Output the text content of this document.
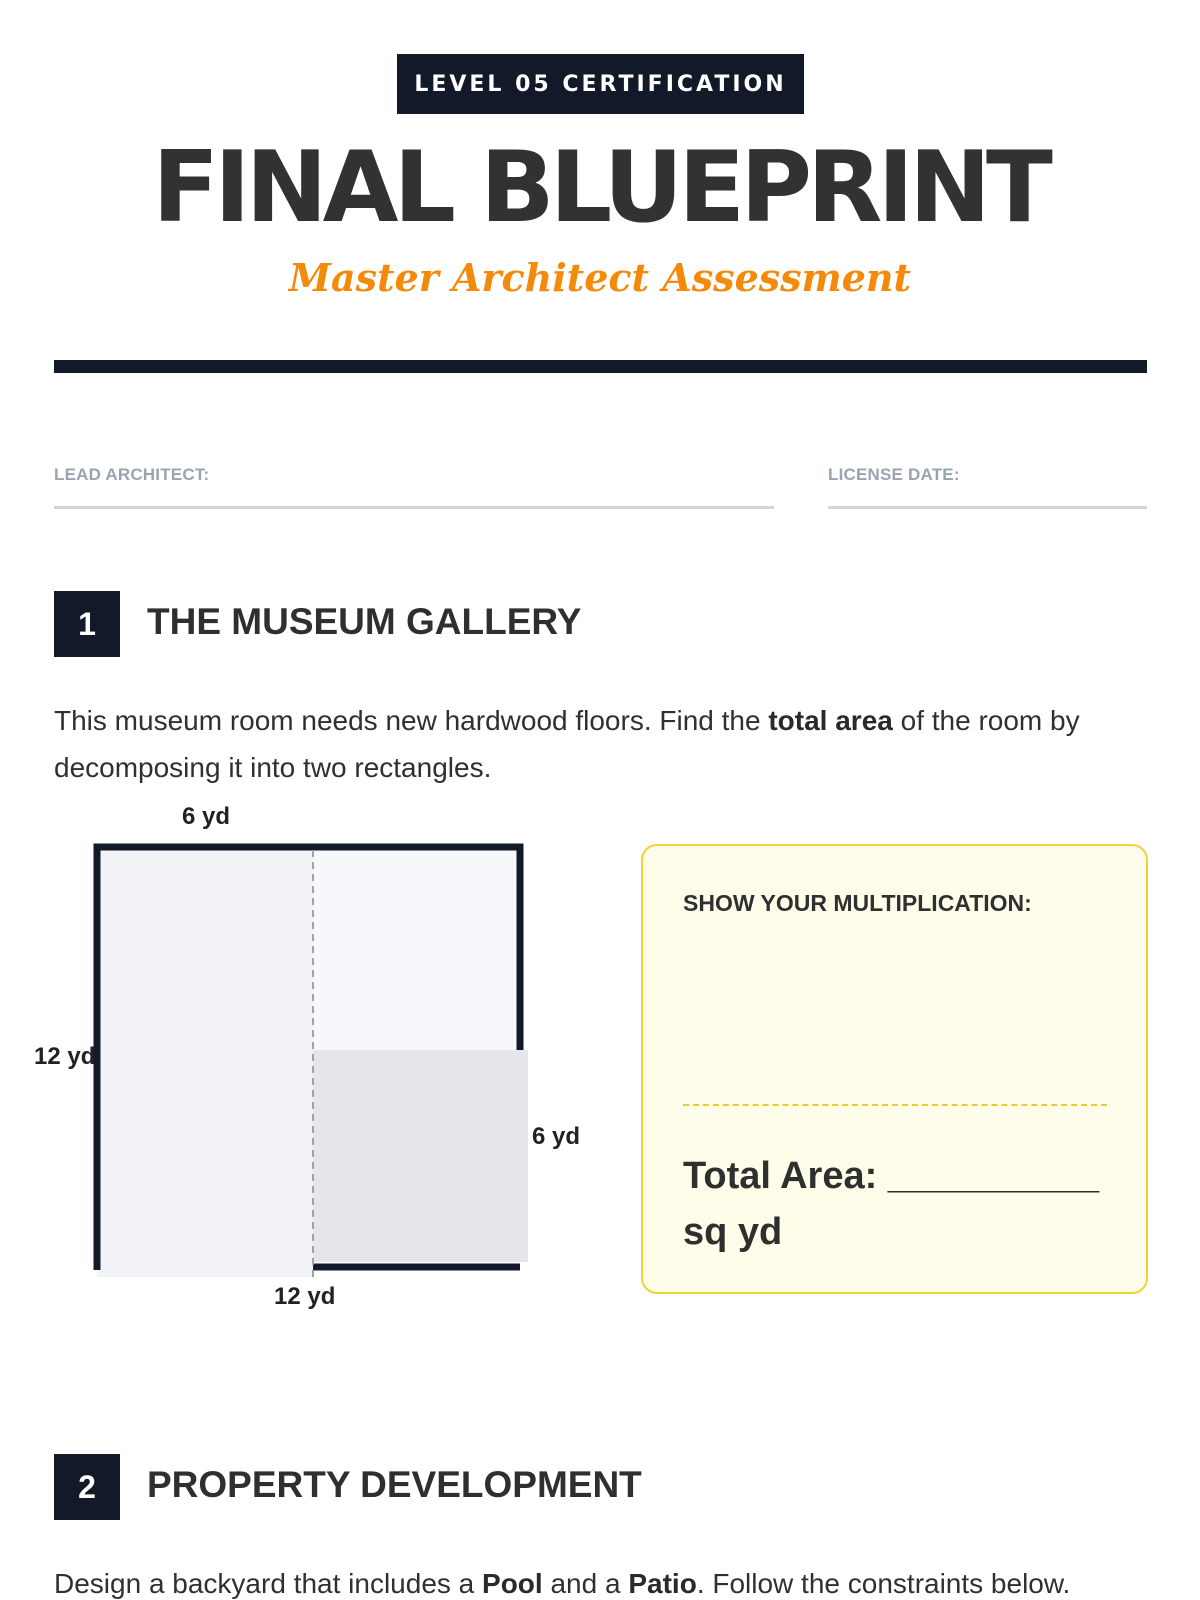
LEVEL 05 CERTIFICATION
FINAL BLUEPRINT
Master Architect Assessment
LEAD ARCHITECT:	LICENSE DATE:
1	THE MUSEUM GALLERY
This museum room needs new hardwood floors. Find the total area of the room by decomposing it into two rectangles.
6 yd
12 yd
6 yd
12 yd
SHOW YOUR MULTIPLICATION:
Total Area: __________ sq yd
2	PROPERTY DEVELOPMENT
Design a backyard that includes a Pool and a Patio. Follow the constraints below.
